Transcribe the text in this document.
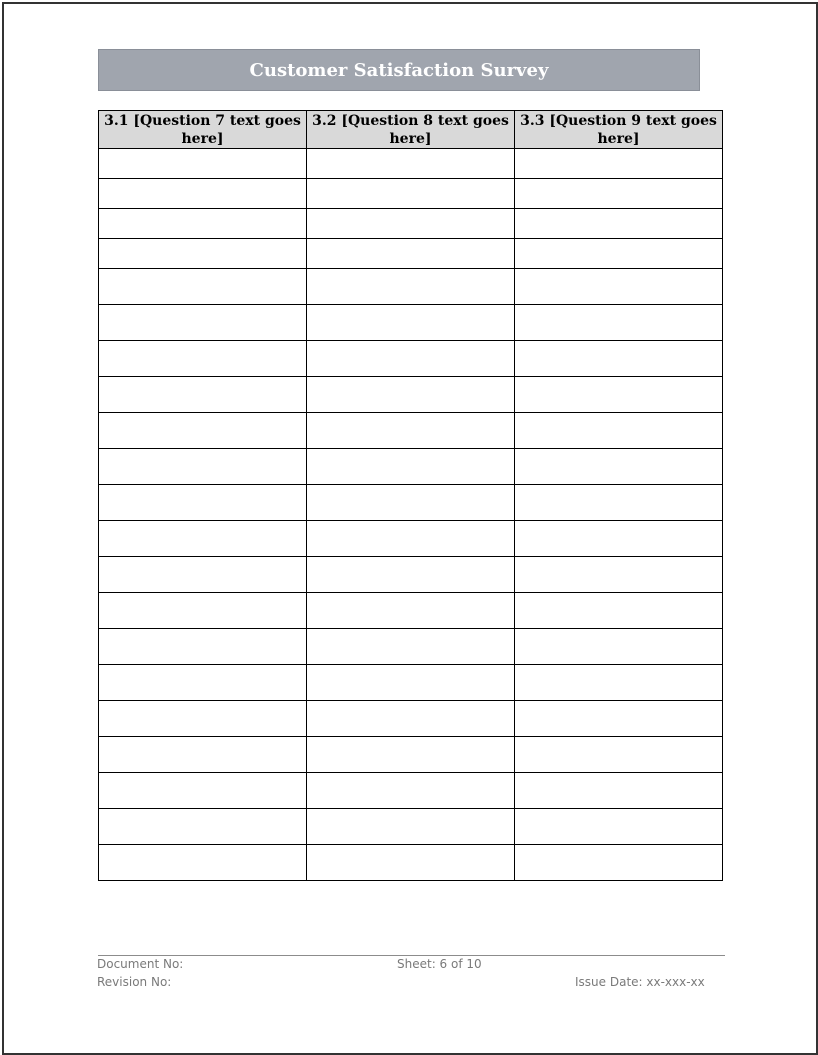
Customer Satisfaction Survey
3.1 [Question 7 text goes here]	3.2 [Question 8 text goes here]	3.3 [Question 9 text goes here]

Document No:	Sheet: 6 of 10
Revision No:	Issue Date: xx-xxx-xx
